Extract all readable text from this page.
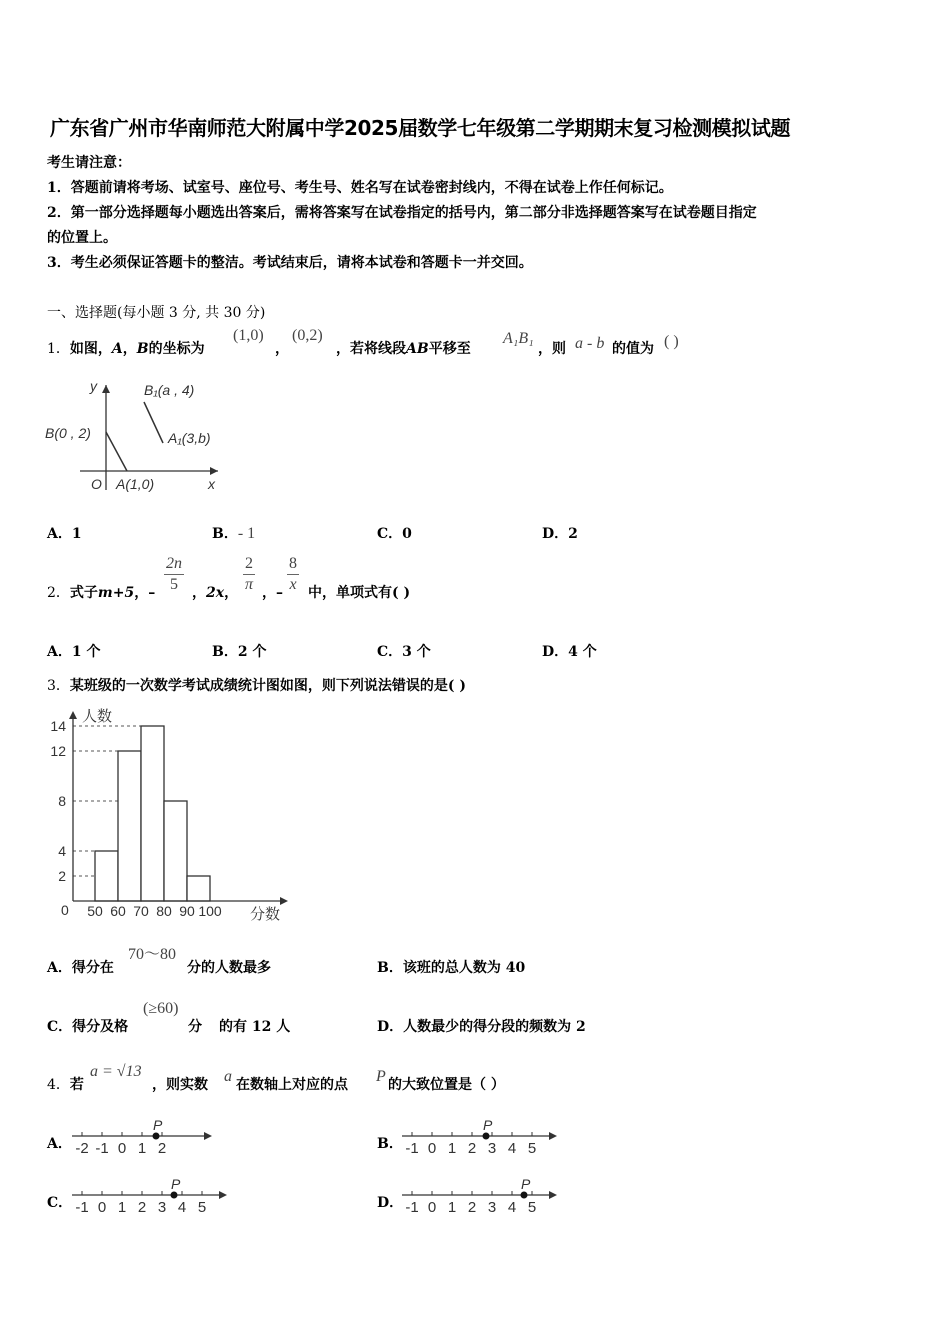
广东省广州市华南师范大附属中学2025届数学七年级第二学期期末复习检测模拟试题
考生请注意：
1．答题前请将考场、试室号、座位号、考生号、姓名写在试卷密封线内，不得在试卷上作任何标记。
2．第一部分选择题每小题选出答案后，需将答案写在试卷指定的括号内，第二部分非选择题答案写在试卷题目指定
的位置上。
3．考生必须保证答题卡的整洁。考试结束后，请将本试卷和答题卡一并交回。
一、选择题(每小题 3 分, 共 30 分)
1．如图，A，B的坐标为
(1,0)
，
(0,2)
，若将线段AB平移至
A₁B₁
，则 a - b 的值为 ( )
y
x
O
B(0 , 2)
A(1,0)
B₁(a , 4)
A₁(3,b)
A．1	B．- 1	C．0	D．2
2．式子m+5，–
2n
5	，2x，
2
π ，–
8
x 中，单项式有( )
A．1 个	B．2 个	C．3 个	D．4 个
3．某班级的一次数学考试成绩统计图如图，则下列说法错误的是( )
人数
分数
0 50 60 70 80 90 100
14
12
8
4
2
A．得分在
70～80
分的人数最多	B．该班的总人数为 40
C．得分及格
(≥60)
分 的有 12 人	D．人数最少的得分段的频数为 2
4．若
a = √13
，则实数 a 在数轴上对应的点 P 的大致位置是（ ）
A． -2 -1 0 1 2
P
B． -1 0 1 2 3 4 5
P
C． -1 0 1 2 3 4 5
P
D． -1 0 1 2 3 4 5
P
